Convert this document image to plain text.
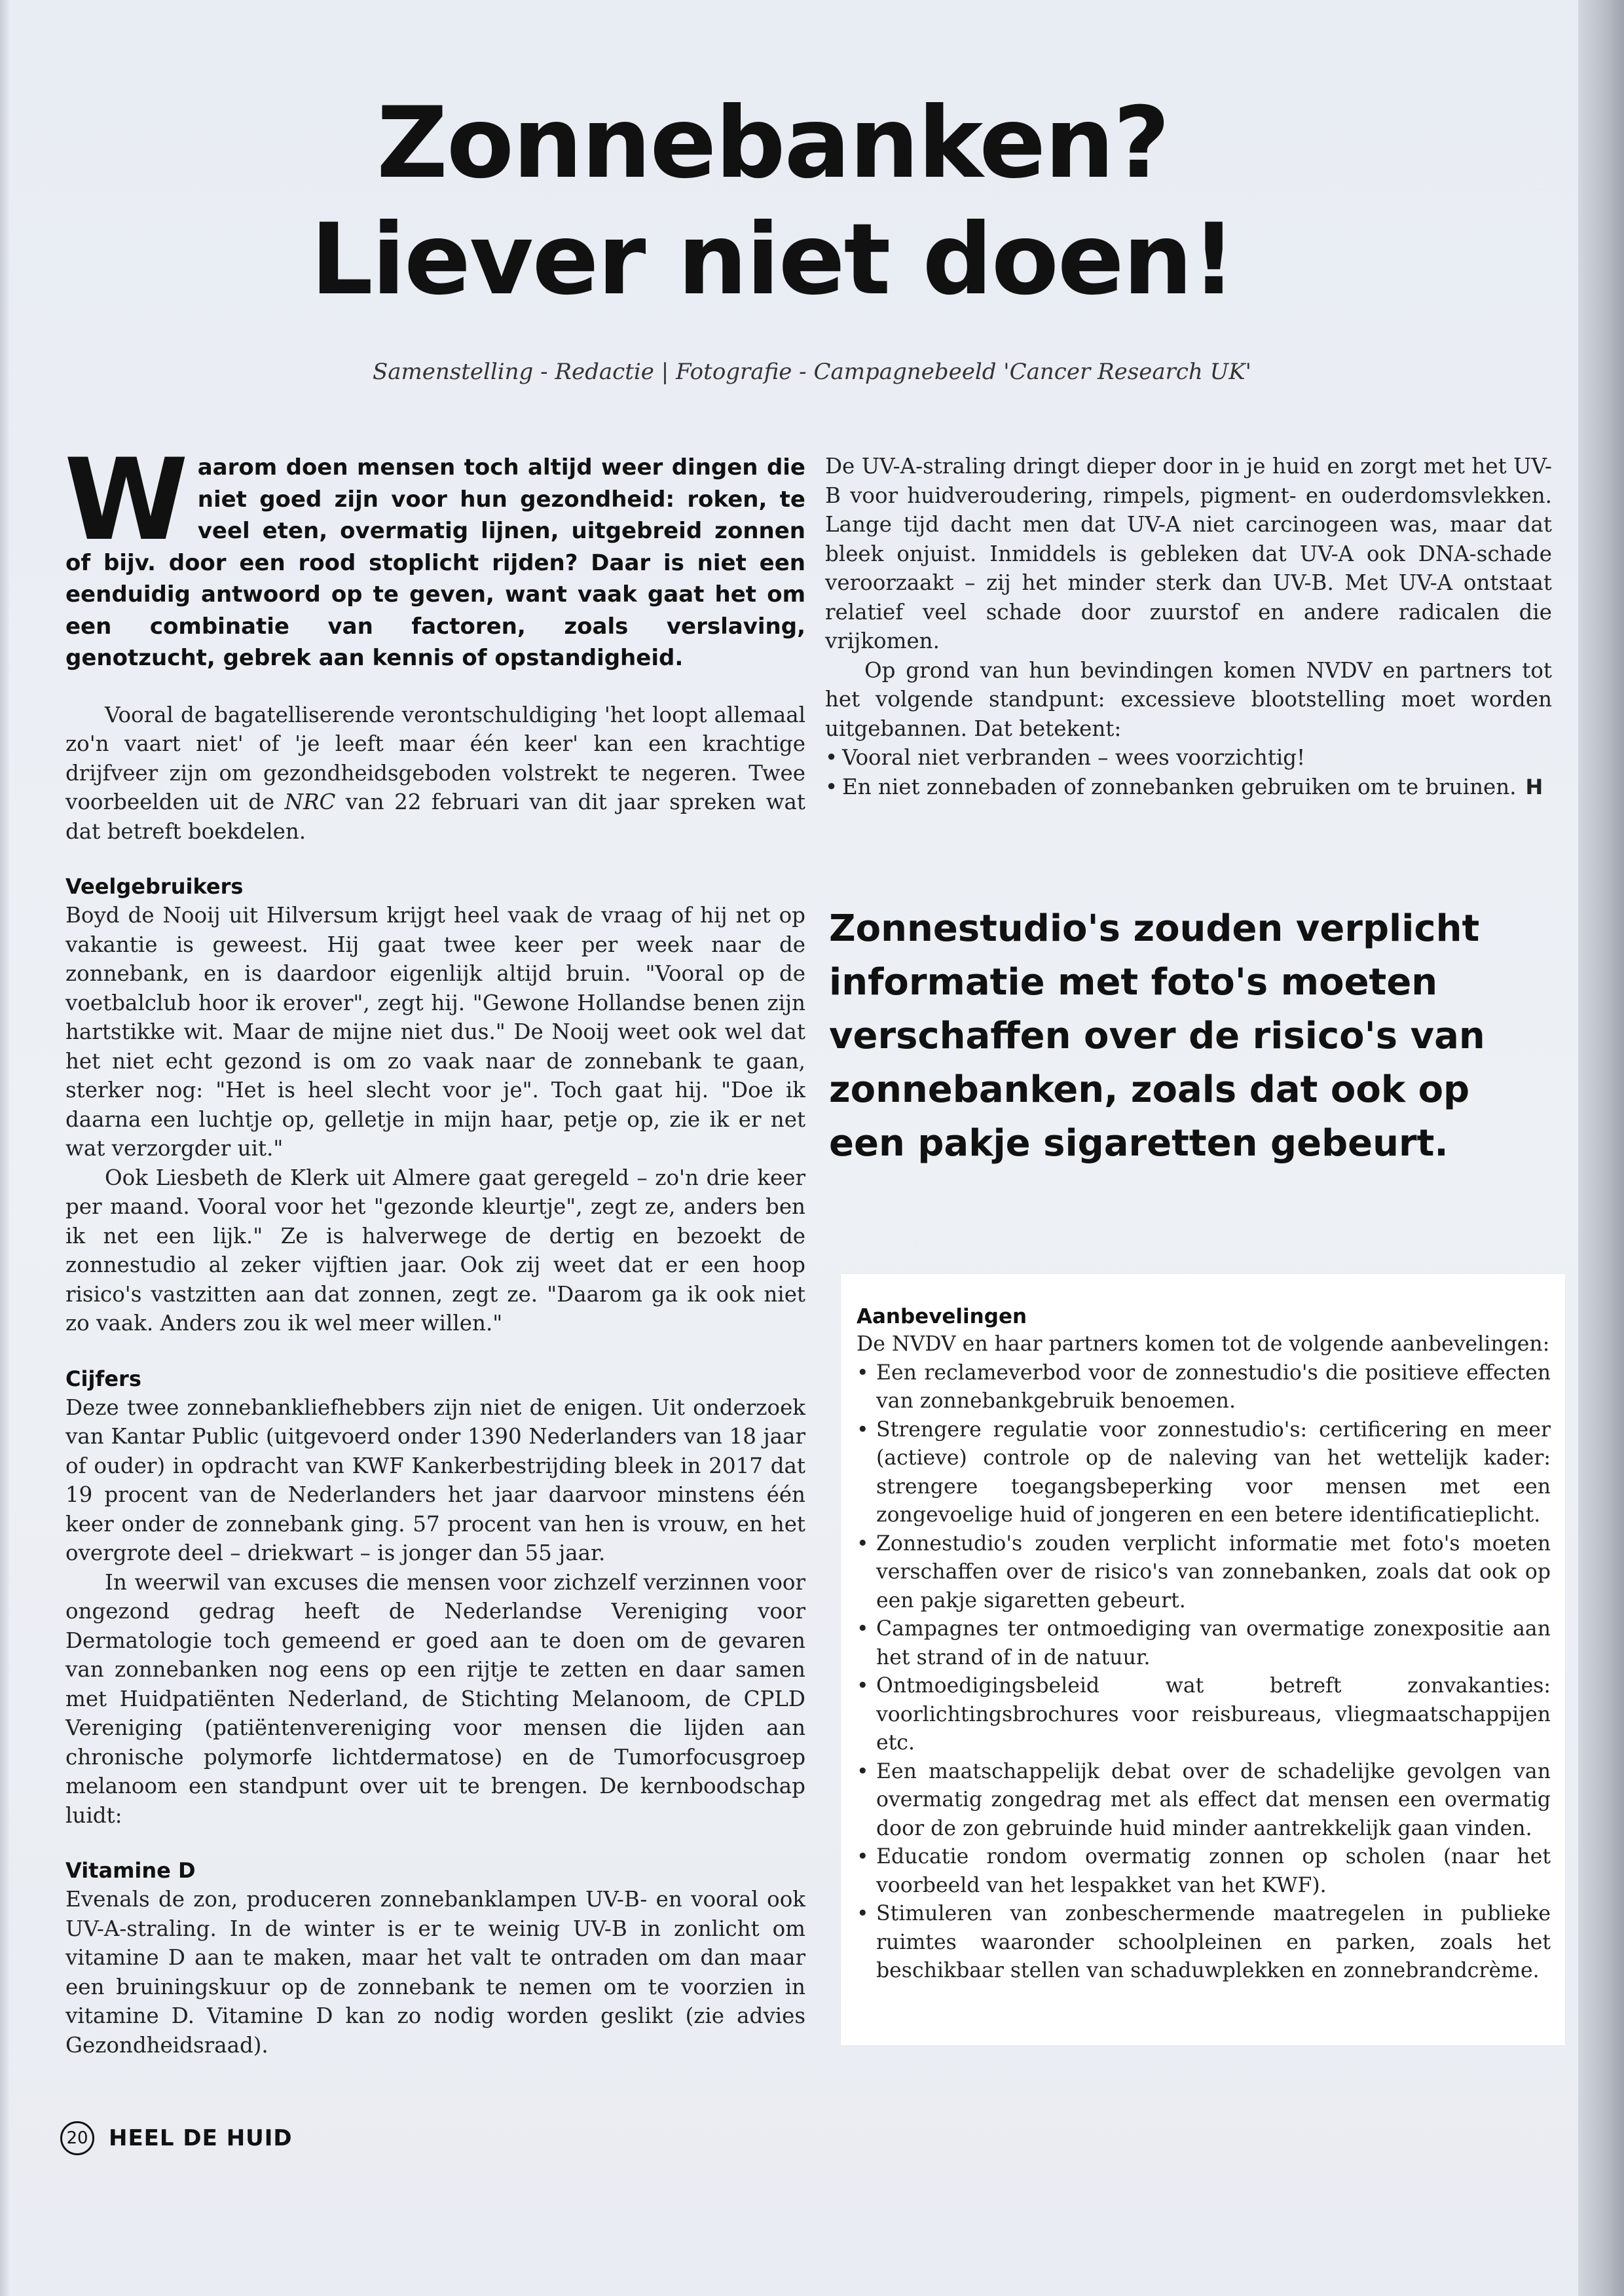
Zonnebanken?
Liever niet doen!
Samenstelling - Redactie | Fotografie - Campagnebeeld 'Cancer Research UK'
Waarom doen mensen toch altijd weer dingen die niet goed zijn voor hun gezondheid: roken, te veel eten, overmatig lijnen, uitgebreid zonnen of bijv. door een rood stoplicht rijden? Daar is niet een eenduidig antwoord op te geven, want vaak gaat het om een combinatie van factoren, zoals verslaving, genotzucht, gebrek aan kennis of opstandigheid.

Vooral de bagatelliserende verontschuldiging 'het loopt allemaal zo'n vaart niet' of 'je leeft maar één keer' kan een krachtige drijfveer zijn om gezondheidsgeboden volstrekt te negeren. Twee voorbeelden uit de NRC van 22 februari van dit jaar spreken wat dat betreft boekdelen.

Veelgebruikers

Boyd de Nooij uit Hilversum krijgt heel vaak de vraag of hij net op vakantie is geweest. Hij gaat twee keer per week naar de zonnebank, en is daardoor eigenlijk altijd bruin. "Vooral op de voetbalclub hoor ik erover", zegt hij. "Gewone Hollandse benen zijn hartstikke wit. Maar de mijne niet dus." De Nooij weet ook wel dat het niet echt gezond is om zo vaak naar de zonnebank te gaan, sterker nog: "Het is heel slecht voor je". Toch gaat hij. "Doe ik daarna een luchtje op, gelletje in mijn haar, petje op, zie ik er net wat verzorgder uit."

Ook Liesbeth de Klerk uit Almere gaat geregeld – zo'n drie keer per maand. Vooral voor het "gezonde kleurtje", zegt ze, anders ben ik net een lijk." Ze is halverwege de dertig en bezoekt de zonnestudio al zeker vijftien jaar. Ook zij weet dat er een hoop risico's vastzitten aan dat zonnen, zegt ze. "Daarom ga ik ook niet zo vaak. Anders zou ik wel meer willen."

Cijfers

Deze twee zonnebankliefhebbers zijn niet de enigen. Uit onderzoek van Kantar Public (uitgevoerd onder 1390 Nederlanders van 18 jaar of ouder) in opdracht van KWF Kankerbestrijding bleek in 2017 dat 19 procent van de Nederlanders het jaar daarvoor minstens één keer onder de zonnebank ging. 57 procent van hen is vrouw, en het overgrote deel – driekwart – is jonger dan 55 jaar.

In weerwil van excuses die mensen voor zichzelf verzinnen voor ongezond gedrag heeft de Nederlandse Vereniging voor Dermatologie toch gemeend er goed aan te doen om de gevaren van zonnebanken nog eens op een rijtje te zetten en daar samen met Huidpatiënten Nederland, de Stichting Melanoom, de CPLD Vereniging (patiëntenvereniging voor mensen die lijden aan chronische polymorfe lichtdermatose) en de Tumorfocusgroep melanoom een standpunt over uit te brengen. De kernboodschap luidt:

Vitamine D

Evenals de zon, produceren zonnebanklampen UV-B- en vooral ook UV-A-straling. In de winter is er te weinig UV-B in zonlicht om vitamine D aan te maken, maar het valt te ontraden om dan maar een bruiningskuur op de zonnebank te nemen om te voorzien in vitamine D. Vitamine D kan zo nodig worden geslikt (zie advies Gezondheidsraad).

De UV-A-straling dringt dieper door in je huid en zorgt met het UV-B voor huidveroudering, rimpels, pigment- en ouderdomsvlekken. Lange tijd dacht men dat UV-A niet carcinogeen was, maar dat bleek onjuist. Inmiddels is gebleken dat UV-A ook DNA-schade veroorzaakt – zij het minder sterk dan UV-B. Met UV-A ontstaat relatief veel schade door zuurstof en andere radicalen die vrijkomen.

Op grond van hun bevindingen komen NVDV en partners tot het volgende standpunt: excessieve blootstelling moet worden uitgebannen. Dat betekent:

• Vooral niet verbranden – wees voorzichtig!
• En niet zonnebaden of zonnebanken gebruiken om te bruinen. H
Zonnestudio's zouden verplicht informatie met foto's moeten verschaffen over de risico's van zonnebanken, zoals dat ook op een pakje sigaretten gebeurt.
Aanbevelingen

De NVDV en haar partners komen tot de volgende aanbevelingen:

• Een reclameverbod voor de zonnestudio's die positieve effecten van zonnebankgebruik benoemen.
• Strengere regulatie voor zonnestudio's: certificering en meer (actieve) controle op de naleving van het wettelijk kader: strengere toegangsbeperking voor mensen met een zongevoelige huid of jongeren en een betere identificatieplicht.
• Zonnestudio's zouden verplicht informatie met foto's moeten verschaffen over de risico's van zonnebanken, zoals dat ook op een pakje sigaretten gebeurt.
• Campagnes ter ontmoediging van overmatige zonexpositie aan het strand of in de natuur.
• Ontmoedigingsbeleid wat betreft zonvakanties: voorlichtingsbrochures voor reisbureaus, vliegmaatschappijen etc.
• Een maatschappelijk debat over de schadelijke gevolgen van overmatig zongedrag met als effect dat mensen een overmatig door de zon gebruinde huid minder aantrekkelijk gaan vinden.
• Educatie rondom overmatig zonnen op scholen (naar het voorbeeld van het lespakket van het KWF).
• Stimuleren van zonbeschermende maatregelen in publieke ruimtes waaronder schoolpleinen en parken, zoals het beschikbaar stellen van schaduwplekken en zonnebrandcrème.
20 HEEL DE HUID
